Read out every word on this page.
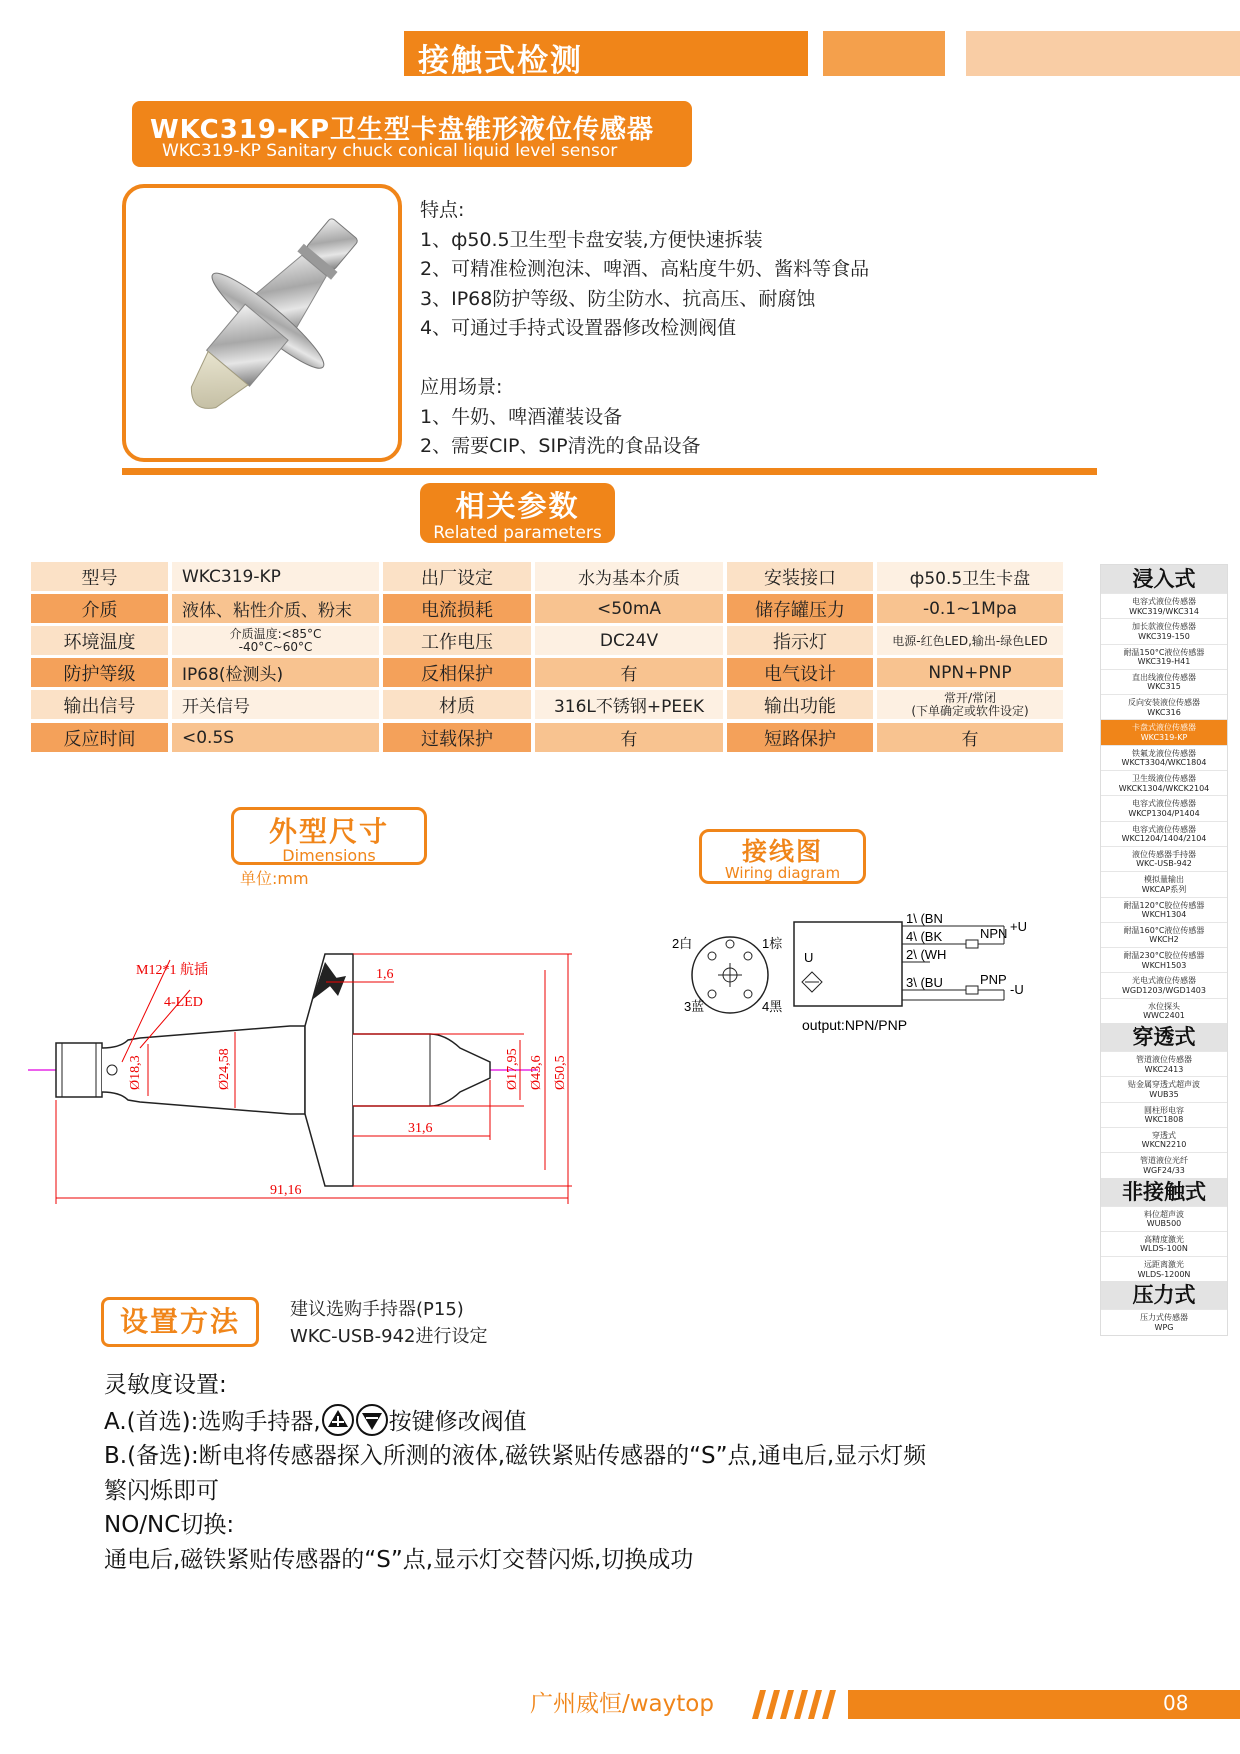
接触式检测
WKC319-KP卫生型卡盘锥形液位传感器
WKC319-KP Sanitary chuck conical liquid level sensor

特点:

1、ф50.5卫生型卡盘安装,方便快速拆装

2、可精准检测泡沫、啤酒、高粘度牛奶、酱料等食品

3、IP68防护等级、防尘防水、抗高压、耐腐蚀

4、可通过手持式设置器修改检测阀值

应用场景:

1、牛奶、啤酒灌装设备

2、需要CIP、SIP清洗的食品设备

相关参数
Related parameters
型号	WKC319-KP	出厂设定	水为基本介质	安装接口	ф50.5卫生卡盘
介质	液体、粘性介质、粉末	电流损耗	<50mA	储存罐压力	-0.1~1Mpa
环境温度	介质温度:<85°C
-40°C~60°C	工作电压	DC24V	指示灯	电源-红色LED,输出-绿色LED
防护等级	IP68(检测头)	反相保护	有	电气设计	NPN+PNP
输出信号	开关信号	材质	316L不锈钢+PEEK	输出功能	常开/常闭
(下单确定或软件设定)
反应时间	<0.5S	过载保护	有	短路保护	有
外型尺寸
Dimensions
单位:mm
Ø18,3	Ø24,58	Ø17,95 Ø43,6 Ø50,5
1,6
31,6
91,16
M12*1 航插
4-LED
接线图
Wiring diagram
2白	1棕
3蓝	4黑
U
1\ (BN
4\ (BK
2\ (WH
3\ (BU
+U
NPN
PNP
-U
output:NPN/PNP
设置方法	建议选购手持器(P15)

WKC-USB-942进行设定

灵敏度设置:

A.(首选):选购手持器,	按键修改阀值

B.(备选):断电将传感器探入所测的液体,磁铁紧贴传感器的“S”点,通电后,显示灯频

繁闪烁即可

NO/NC切换:

通电后,磁铁紧贴传感器的“S”点,显示灯交替闪烁,切换成功

广州威恒/waytop	08
浸入式
电容式液位传感器
WKC319/WKC314
加长款液位传感器
WKC319-150
耐温150°C液位传感器
WKC319-H41
直出线液位传感器
WKC315
反向安装液位传感器
WKC316
卡盘式液位传感器
WKC319-KP
铁氟龙液位传感器
WKCT3304/WKC1804
卫生级液位传感器
WKCK1304/WKCK2104
电容式液位传感器
WKCP1304/P1404
电容式液位传感器
WKC1204/1404/2104
液位传感器手持器
WKC-USB-942
模拟量输出
WKCAP系列
耐温120°C胶位传感器
WKCH1304
耐温160°C液位传感器
WKCH2
耐温230°C胶位传感器
WKCH1503
光电式液位传感器
WGD1203/WGD1403
水位探头
WWC2401
穿透式
管道液位传感器
WKC2413
贴金属穿透式超声波
WUB35
圆柱形电容
WKC1808
穿透式
WKCN2210
管道液位光纤
WGF24/33
非接触式
料位超声波
WUB500
高精度激光
WLDS-100N
远距离激光
WLDS-1200N
压力式
压力式传感器
WPG
